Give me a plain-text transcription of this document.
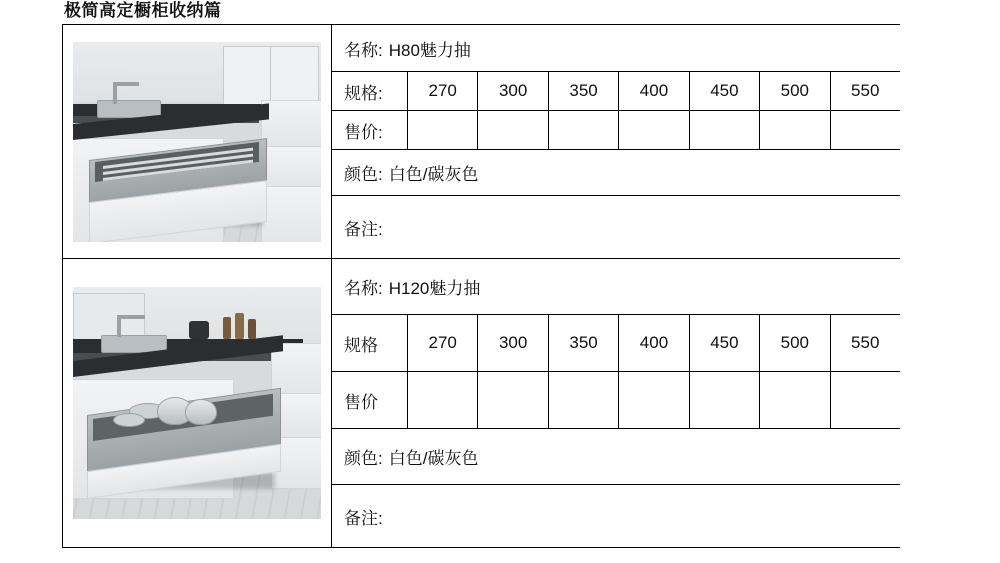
极简高定橱柜收纳篇
名称: H80魅力抽
规格:	270	300	350	400	450	500	550
售价:
颜色: 白色/碳灰色
备注:
名称: H120魅力抽
规格	270	300	350	400	450	500	550
售价
颜色: 白色/碳灰色
备注:
